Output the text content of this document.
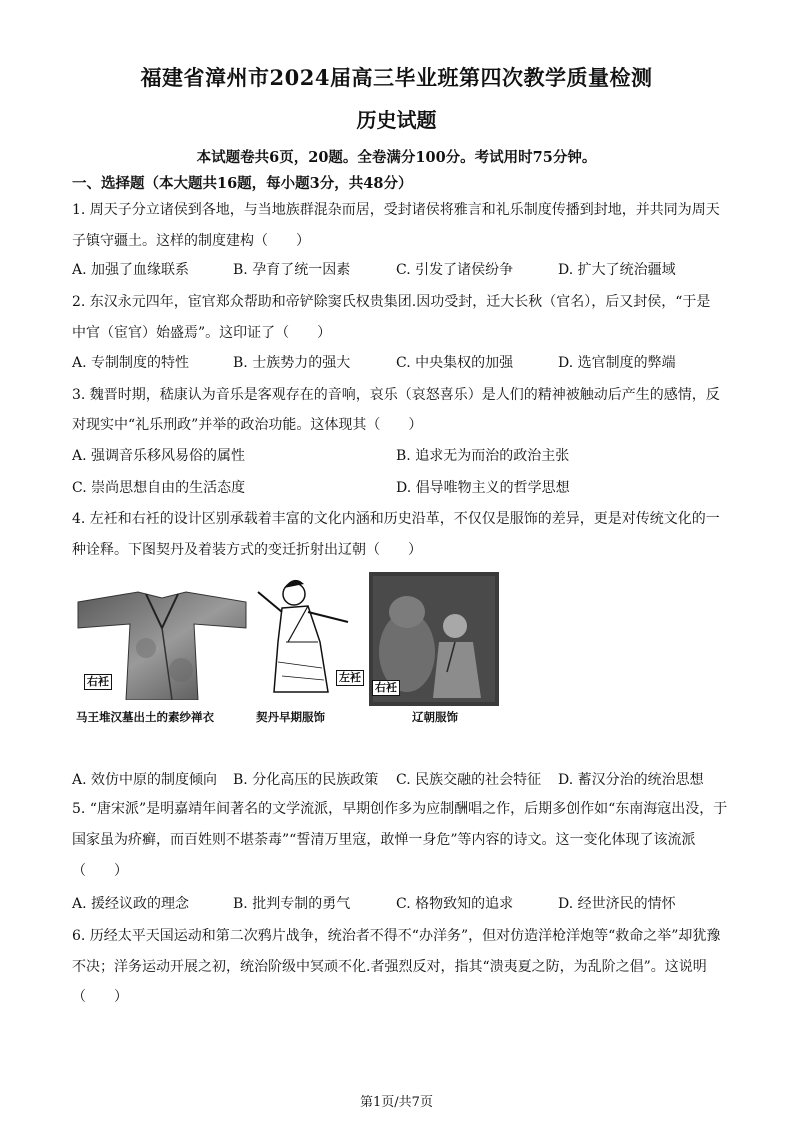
福建省漳州市2024届高三毕业班第四次教学质量检测
历史试题
本试题卷共6页，20题。全卷满分100分。考试用时75分钟。
一、选择题（本大题共16题，每小题3分，共48分）
1. 周天子分立诸侯到各地，与当地族群混杂而居，受封诸侯将雅言和礼乐制度传播到封地，并共同为周天
子镇守疆土。这样的制度建构（　　）
A. 加强了血缘联系	B. 孕育了统一因素	C. 引发了诸侯纷争	D. 扩大了统治疆域
2. 东汉永元四年，宦官郑众帮助和帝铲除窦氏权贵集团.因功受封，迁大长秋（官名），后又封侯，“于是
中官（宦官）始盛焉”。这印证了（　　）
A. 专制制度的特性	B. 士族势力的强大	C. 中央集权的加强	D. 选官制度的弊端
3. 魏晋时期，嵇康认为音乐是客观存在的音响，哀乐（哀怒喜乐）是人们的精神被触动后产生的感情，反
对现实中“礼乐刑政”并举的政治功能。这体现其（　　）
A. 强调音乐移风易俗的属性	B. 追求无为而治的政治主张
C. 崇尚思想自由的生活态度	D. 倡导唯物主义的哲学思想
4. 左衽和右衽的设计区别承载着丰富的文化内涵和历史沿革，不仅仅是服饰的差异，更是对传统文化的一
种诠释。下图契丹及着装方式的变迁折射出辽朝（　　）
右衽	左衽
右衽
马王堆汉墓出土的素纱禅衣	契丹早期服饰	辽朝服饰
A. 效仿中原的制度倾向 B. 分化高压的民族政策 C. 民族交融的社会特征 D. 蓄汉分治的统治思想
5. “唐宋派”是明嘉靖年间著名的文学流派，早期创作多为应制酬唱之作，后期多创作如“东南海寇出没，于
国家虽为疥癣，而百姓则不堪荼毒”“誓清万里寇，敢惮一身危”等内容的诗文。这一变化体现了该流派
（　　）
A. 援经议政的理念	B. 批判专制的勇气	C. 格物致知的追求	D. 经世济民的情怀
6. 历经太平天国运动和第二次鸦片战争，统治者不得不“办洋务”，但对仿造洋枪洋炮等“救命之举”却犹豫
不决；洋务运动开展之初，统治阶级中冥顽不化.者强烈反对，指其“溃夷夏之防，为乱阶之倡”。这说明
（　　）
第1页/共7页
